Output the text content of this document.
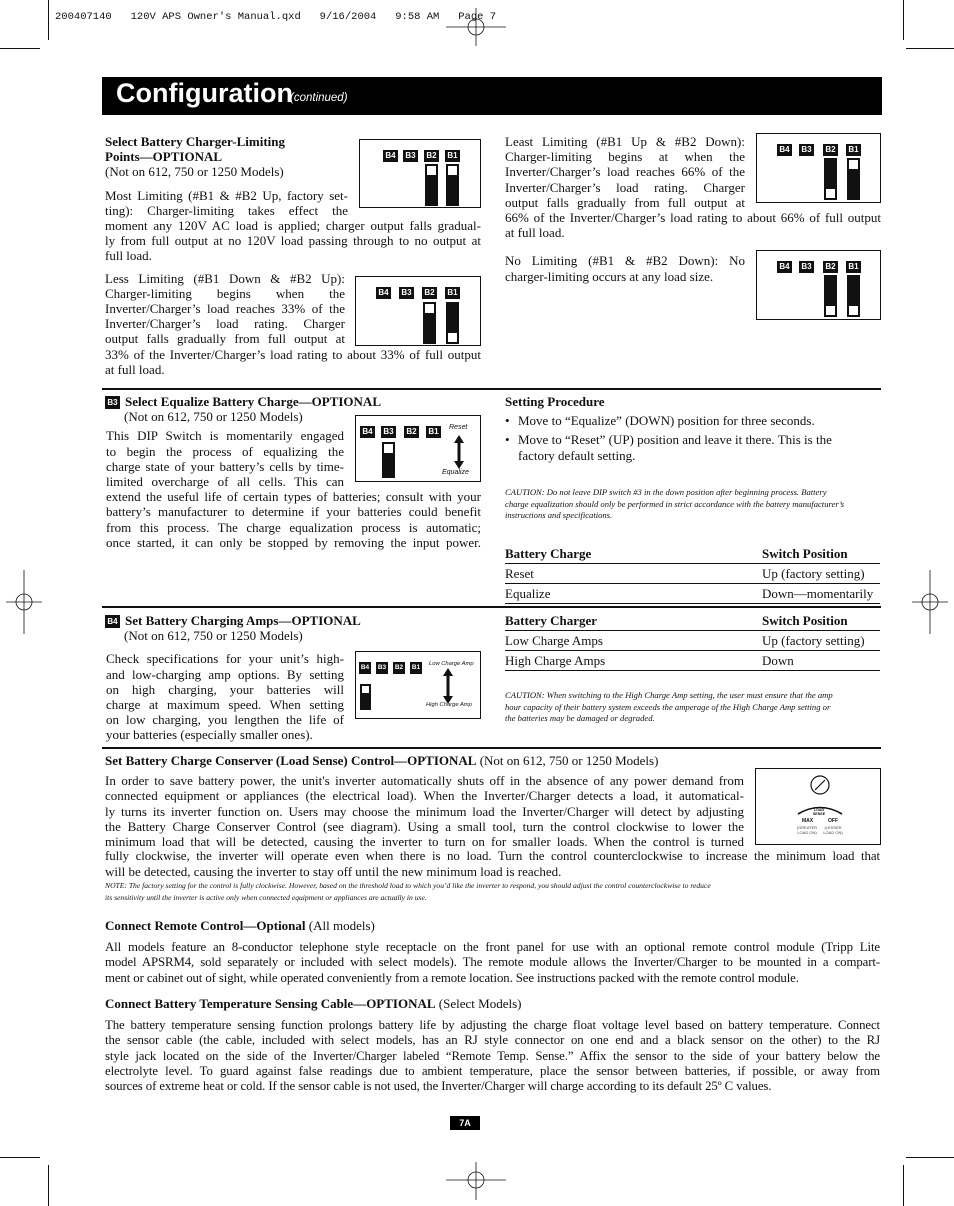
200407140   120V APS Owner's Manual.qxd   9/16/2004   9:58 AM   Page 7
Configuration
(continued)

Select Battery Charger-Limiting

Points—OPTIONAL

(Not on 612, 750 or 1250 Models)

Most Limiting (#B1 & #B2 Up, factory set-

ting): Charger-limiting takes effect the

moment any 120V AC load is applied; charger output falls gradual-

ly from full output at no 120V load passing through to no output at

full load.

Less Limiting (#B1 Down & #B2 Up):

Charger-limiting begins when the

Inverter/Charger’s load reaches 33% of the

Inverter/Charger’s load rating. Charger

output falls gradually from full output at

33% of the Inverter/Charger’s load rating to about 33% of full output

at full load.

Least Limiting (#B1 Up & #B2 Down):

Charger-limiting begins at when the

Inverter/Charger’s load reaches 66% of the

Inverter/Charger’s load rating. Charger

output falls gradually from full output at

66% of the Inverter/Charger’s load rating to about 66% of full output

at full load.

No Limiting (#B1 & #B2 Down): No

charger-limiting occurs at any load size.

B4 B3 B2 B1
B4 B3 B2 B1
B4 B3 B2 B1
B4 B3 B2 B1

B3 Select Equalize Battery Charge—OPTIONAL

(Not on 612, 750 or 1250 Models)

This DIP Switch is momentarily engaged

to begin the process of equalizing the

charge state of your battery’s cells by time-

limited overcharge of all cells. This can

extend the useful life of certain types of batteries; consult with your

battery’s manufacturer to determine if your batteries could benefit

from this process. The charge equalization process is automatic;

once started, it can only be stopped by removing the input power.

B4 B3 B2 B1	Reset
Equalize

Setting Procedure

• Move to “Equalize” (DOWN) position for three seconds.

• Move to “Reset” (UP) position and leave it there. This is the

factory default setting.

CAUTION: Do not leave DIP switch #3 in the down position after beginning process. Battery

charge equalization should only be performed in strict accordance with the battery manufacturer’s

instructions and specifications.

Battery Charge	Switch Position
Reset	Up (factory setting)
Equalize	Down—momentarily

B4 Set Battery Charging Amps—OPTIONAL

(Not on 612, 750 or 1250 Models)

Check specifications for your unit’s high-

and low-charging amp options. By setting

on high charging, your batteries will

charge at maximum speed. When setting

on low charging, you lengthen the life of

your batteries (especially smaller ones).

B4 B3 B2 B1	Low Charge Amp
High Charge Amp
Battery Charger	Switch Position
Low Charge Amps	Up (factory setting)
High Charge Amps	Down

CAUTION: When switching to the High Charge Amp setting, the user must ensure that the amp

hour capacity of their battery system exceeds the amperage of the High Charge Amp setting or

the batteries may be damaged or degraded.

Set Battery Charge Conserver (Load Sense) Control—OPTIONAL (Not on 612, 750 or 1250 Models)

In order to save battery power, the unit's inverter automatically shuts off in the absence of any power demand from

connected equipment or appliances (the electrical load). When the Inverter/Charger detects a load, it automatical-

ly turns its inverter function on. Users may choose the minimum load the Inverter/Charger will detect by adjusting

the Battery Charge Conserver Control (see diagram). Using a small tool, turn the control clockwise to lower the

minimum load that will be detected, causing the inverter to turn on for smaller loads. When the control is turned

fully clockwise, the inverter will operate even when there is no load. Turn the control counterclockwise to increase the minimum load that

will be detected, causing the inverter to stay off until the new minimum load is reached.

NOTE: The factory setting for the control is fully clockwise. However, based on the threshold load to which you’d like the inverter to respond, you should adjust the control counterclockwise to reduce

its sensitivity until the inverter is active only when connected equipment or appliances are actually in use.

LOAD SENSE
MAX	OFF
(GREATER LOAD ON)
(LESSER LOAD ON)

Connect Remote Control—Optional (All models)

All models feature an 8-conductor telephone style receptacle on the front panel for use with an optional remote control module (Tripp Lite

model APSRM4, sold separately or included with select models). The remote module allows the Inverter/Charger to be mounted in a compart-

ment or cabinet out of sight, while operated conveniently from a remote location. See instructions packed with the remote control module.

Connect Battery Temperature Sensing Cable—OPTIONAL (Select Models)

The battery temperature sensing function prolongs battery life by adjusting the charge float voltage level based on battery temperature. Connect

the sensor cable (the cable, included with select models, has an RJ style connector on one end and a black sensor on the other) to the RJ

style jack located on the side of the Inverter/Charger labeled “Remote Temp. Sense.” Affix the sensor to the side of your battery below the

electrolyte level. To guard against false readings due to ambient temperature, place the sensor between batteries, if possible, or away from

sources of extreme heat or cold. If the sensor cable is not used, the Inverter/Charger will charge according to its default 25º C values.

7A
